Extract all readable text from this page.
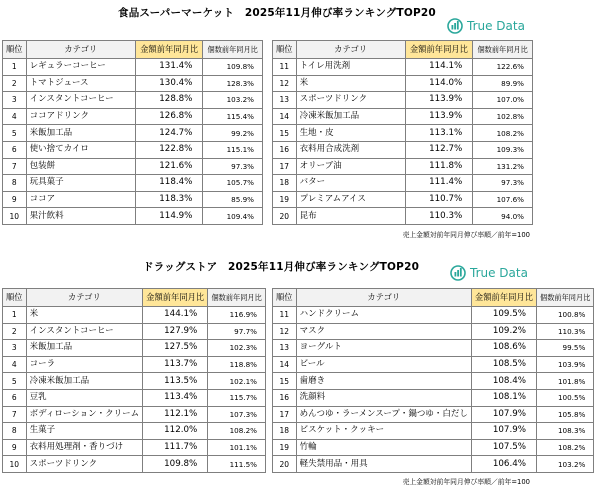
食品スーパーマーケット　2025年11月伸び率ランキングTOP20
True Data
順位	カテゴリ	金額前年同月比	個数前年同月比
1	レギュラーコーヒー	131.4%	109.8%
2	トマトジュース	130.4%	128.3%
3	インスタントコーヒー	128.8%	103.2%
4	ココアドリンク	126.8%	115.4%
5	米飯加工品	124.7%	99.2%
6	使い捨てカイロ	122.8%	115.1%
7	包装餅	121.6%	97.3%
8	玩具菓子	118.4%	105.7%
9	ココア	118.3%	85.9%
10	果汁飲料	114.9%	109.4%
順位	カテゴリ	金額前年同月比	個数前年同月比
11	トイレ用洗剤	114.1%	122.6%
12	米	114.0%	89.9%
13	スポーツドリンク	113.9%	107.0%
14	冷凍米飯加工品	113.9%	102.8%
15	生地・皮	113.1%	108.2%
16	衣料用合成洗剤	112.7%	109.3%
17	オリーブ油	111.8%	131.2%
18	バター	111.4%	97.3%
19	プレミアムアイス	110.7%	107.6%
20	昆布	110.3%	94.0%
売上金額対前年同月伸び率順／前年=100
ドラッグストア　2025年11月伸び率ランキングTOP20	True Data
順位	カテゴリ	金額前年同月比	個数前年同月比
1	米	144.1%	116.9%
2	インスタントコーヒー	127.9%	97.7%
3	米飯加工品	127.5%	102.3%
4	コーラ	113.7%	118.8%
5	冷凍米飯加工品	113.5%	102.1%
6	豆乳	113.4%	115.7%
7	ボディローション・クリーム	112.1%	107.3%
8	生菓子	112.0%	108.2%
9	衣料用処理剤・香りづけ	111.7%	101.1%
10	スポーツドリンク	109.8%	111.5%
順位	カテゴリ	金額前年同月比	個数前年同月比
11	ハンドクリーム	109.5%	100.8%
12	マスク	109.2%	110.3%
13	ヨーグルト	108.6%	99.5%
14	ビール	108.5%	103.9%
15	歯磨き	108.4%	101.8%
16	洗顔料	108.1%	100.5%
17	めんつゆ・ラーメンスープ・鍋つゆ・白だし	107.9%	105.8%
18	ビスケット・クッキー	107.9%	108.3%
19	竹輪	107.5%	108.2%
20	軽失禁用品・用具	106.4%	103.2%
売上金額対前年同月伸び率順／前年=100
